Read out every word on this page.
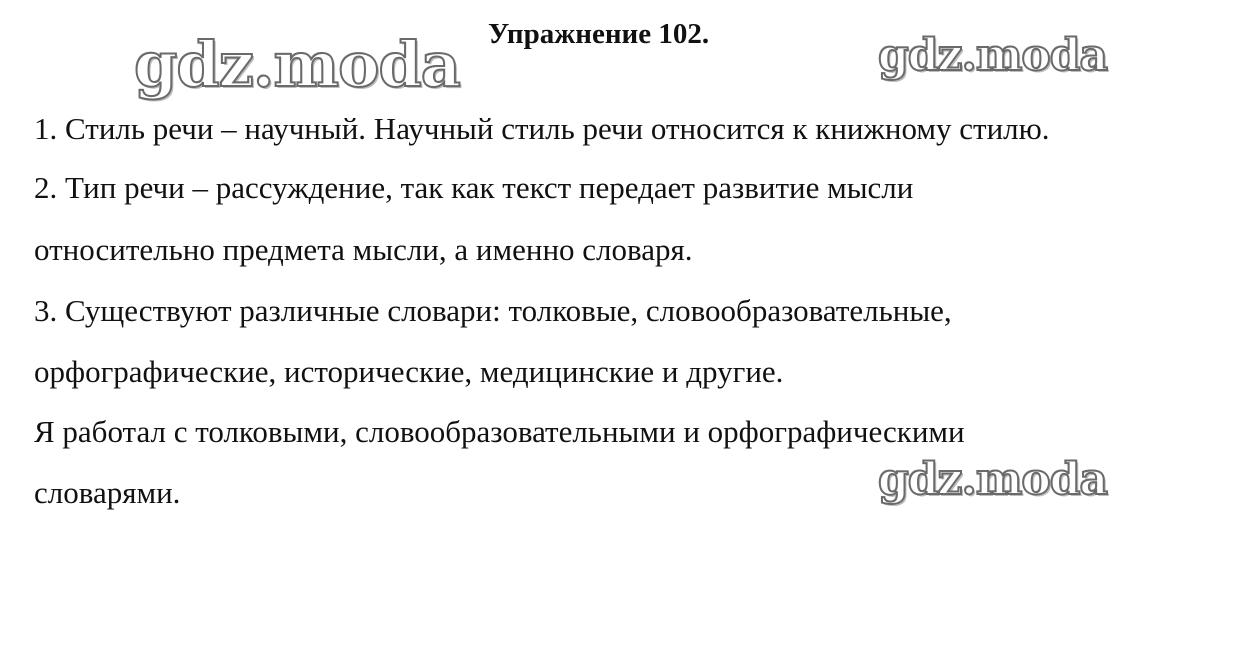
gdz.moda	gdz.moda
Упражнение 102.
1. Стиль речи – научный. Научный стиль речи относится к книжному стилю.
2. Тип речи – рассуждение, так как текст передает развитие мысли
относительно предмета мысли, а именно словаря.
3. Существуют различные словари: толковые, словообразовательные,
орфографические, исторические, медицинские и другие.
Я работал с толковыми, словообразовательными и орфографическими
словарями.	gdz.moda
